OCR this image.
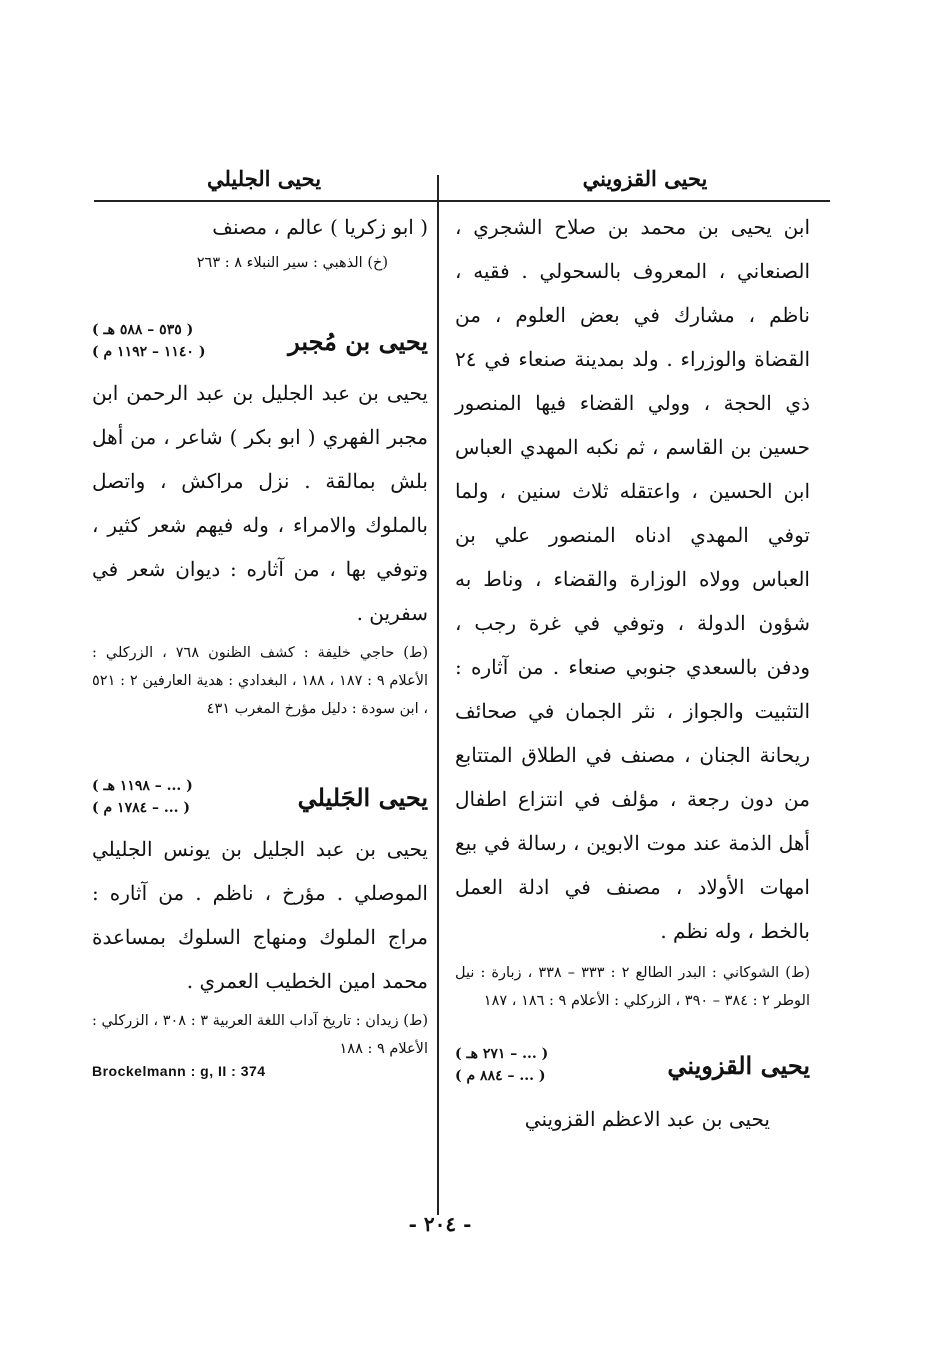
يحيى القزويني
يحيى الجليلي

ابن يحيى بن محمد بن صلاح الشجري ، الصنعاني ، المعروف بالسحولي . فقيه ، ناظم ، مشارك في بعض العلوم ، من القضاة والوزراء . ولد بمدينة صنعاء في ٢٤ ذي الحجة ، وولي القضاء فيها المنصور حسين بن القاسم ، ثم نكبه المهدي العباس ابن الحسين ، واعتقله ثلاث سنين ، ولما توفي المهدي ادناه المنصور علي بن العباس وولاه الوزارة والقضاء ، وناط به شؤون الدولة ، وتوفي في غرة رجب ، ودفن بالسعدي جنوبي صنعاء . من آثاره : التثبيت والجواز ، نثر الجمان في صحائف ريحانة الجنان ، مصنف في الطلاق المتتابع من دون رجعة ، مؤلف في انتزاع اطفال أهل الذمة عند موت الابوين ، رسالة في بيع امهات الأولاد ، مصنف في ادلة العمل بالخط ، وله نظم .

(ط) الشوكاني : البدر الطالع ٢ : ٣٣٣ – ٣٣٨ ، زبارة : نيل الوطر ٢ : ٣٨٤ – ٣٩٠ ، الزركلي : الأعلام ٩ : ١٨٦ ، ١٨٧

يحيى القزويني
( ... – ٢٧١ هـ )
( ... – ٨٨٤ م )

يحيى بن عبد الاعظم القزويني

( ابو زكريا ) عالم ، مصنف

(خ) الذهبي : سير النبلاء ٨ : ٢٦٣

يحيى بن مُجبر
( ٥٣٥ – ٥٨٨ هـ )
( ١١٤٠ – ١١٩٢ م )

يحيى بن عبد الجليل بن عبد الرحمن ابن مجبر الفهري ( ابو بكر ) شاعر ، من أهل بلش بمالقة . نزل مراكش ، واتصل بالملوك والامراء ، وله فيهم شعر كثير ، وتوفي بها ، من آثاره : ديوان شعر في سفرين .

(ط) حاجي خليفة : كشف الظنون ٧٦٨ ، الزركلي : الأعلام ٩ : ١٨٧ ، ١٨٨ ، البغدادي : هدية العارفين ٢ : ٥٢١ ، ابن سودة : دليل مؤرخ المغرب ٤٣١

يحيى الجَليلي
( ... – ١١٩٨ هـ )
( ... – ١٧٨٤ م )

يحيى بن عبد الجليل بن يونس الجليلي الموصلي . مؤرخ ، ناظم . من آثاره : مراج الملوك ومنهاج السلوك بمساعدة محمد امين الخطيب العمري .

(ط) زيدان : تاريخ آداب اللغة العربية ٣ : ٣٠٨ ، الزركلي : الأعلام ٩ : ١٨٨

Brockelmann : g, II : 374

- ٢٠٤ -
